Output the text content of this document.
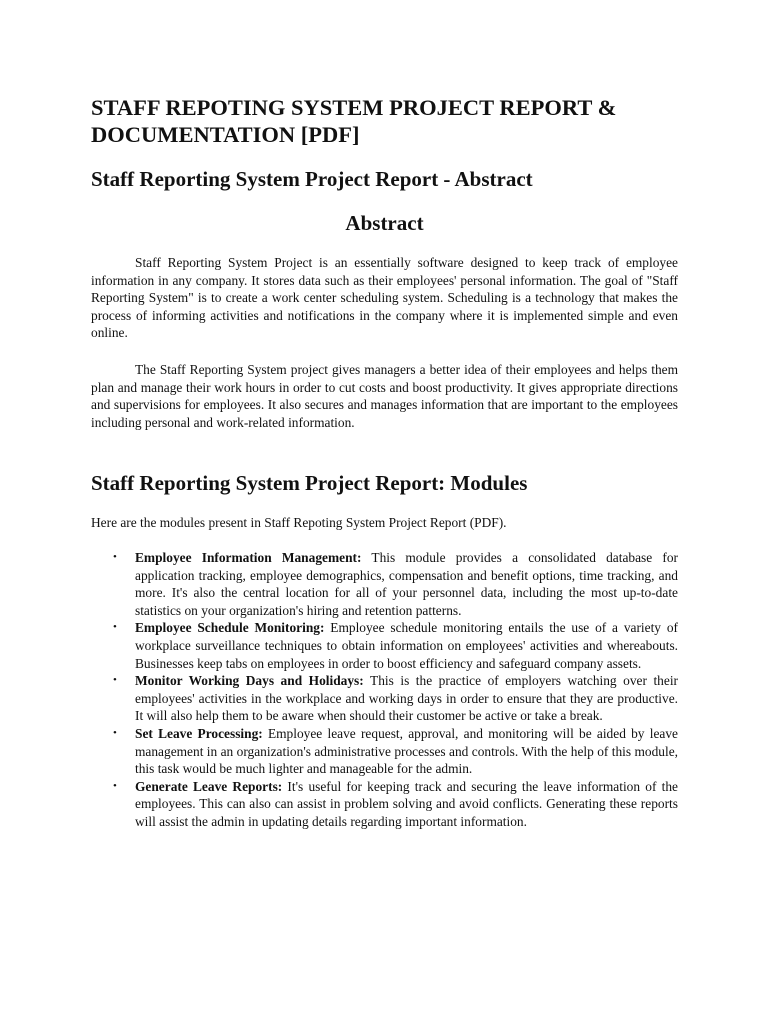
STAFF REPOTING SYSTEM PROJECT REPORT & DOCUMENTATION [PDF]
Staff Reporting System Project Report - Abstract
Abstract

Staff Reporting System Project is an essentially software designed to keep track of employee information in any company. It stores data such as their employees' personal information. The goal of "Staff Reporting System" is to create a work center scheduling system. Scheduling is a technology that makes the process of informing activities and notifications in the company where it is implemented simple and even online.

The Staff Reporting System project gives managers a better idea of their employees and helps them plan and manage their work hours in order to cut costs and boost productivity. It gives appropriate directions and supervisions for employees. It also secures and manages information that are important to the employees including personal and work-related information.

Staff Reporting System Project Report: Modules

Here are the modules present in Staff Repoting System Project Report (PDF).

• Employee Information Management: This module provides a consolidated database for application tracking, employee demographics, compensation and benefit options, time tracking, and more. It's also the central location for all of your personnel data, including the most up-to-date statistics on your organization's hiring and retention patterns.
• Employee Schedule Monitoring: Employee schedule monitoring entails the use of a variety of workplace surveillance techniques to obtain information on employees' activities and whereabouts. Businesses keep tabs on employees in order to boost efficiency and safeguard company assets.
• Monitor Working Days and Holidays: This is the practice of employers watching over their employees' activities in the workplace and working days in order to ensure that they are productive. It will also help them to be aware when should their customer be active or take a break.
• Set Leave Processing: Employee leave request, approval, and monitoring will be aided by leave management in an organization's administrative processes and controls. With the help of this module, this task would be much lighter and manageable for the admin.
• Generate Leave Reports: It's useful for keeping track and securing the leave information of the employees. This can also can assist in problem solving and avoid conflicts. Generating these reports will assist the admin in updating details regarding important information.
